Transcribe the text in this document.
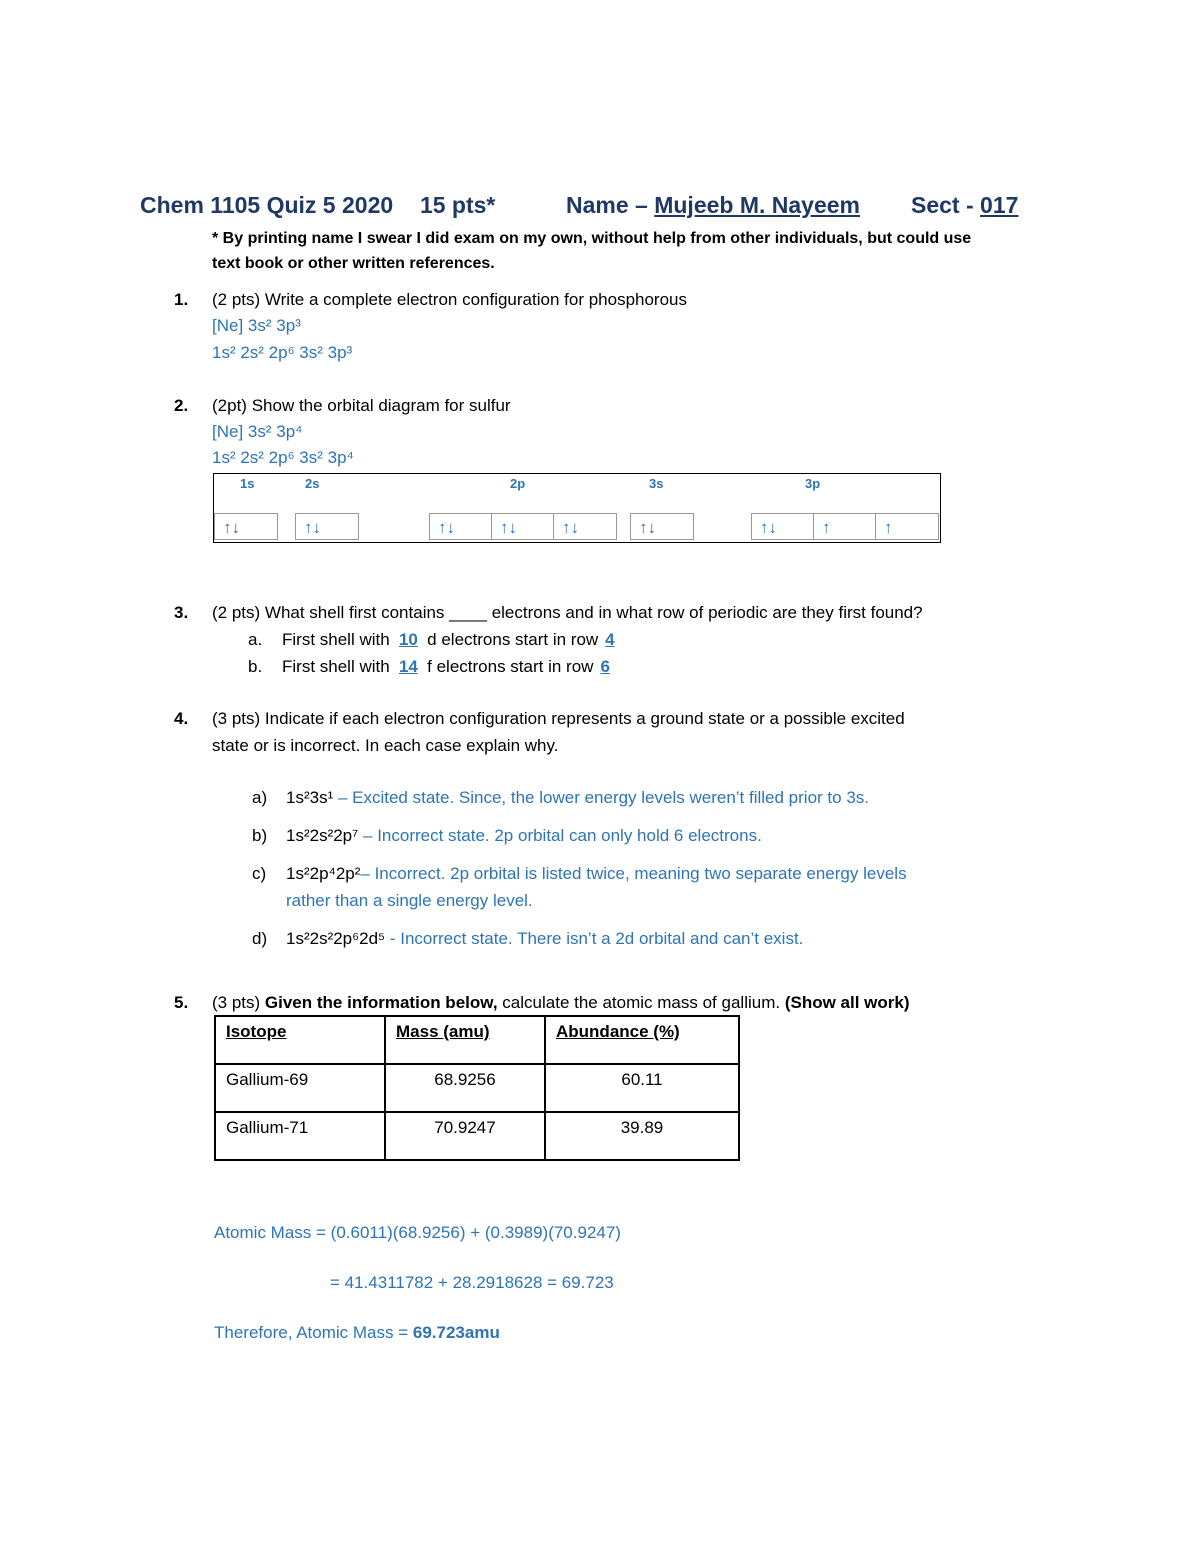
Chem 1105 Quiz 5 2020 15 pts*	Name – Mujeeb M. Nayeem Sect - 017
* By printing name I swear I did exam on my own, without help from other individuals, but could use
text book or other written references.
1. (2 pts) Write a complete electron configuration for phosphorous
[Ne] 3s² 3p³
1s² 2s² 2p⁶ 3s² 3p³
2. (2pt) Show the orbital diagram for sulfur
[Ne] 3s² 3p⁴
1s² 2s² 2p⁶ 3s² 3p⁴
1s	2s	2p	3s	3p
↑↓	↑↓	↑↓	↑↓	↑↓	↑↓	↑↓	↑	↑
3. (2 pts) What shell first contains ____ electrons and in what row of periodic are they first found?
a. First shell with 10 d electrons start in row 4
b. First shell with 14 f electrons start in row 6
4. (3 pts) Indicate if each electron configuration represents a ground state or a possible excited
state or is incorrect. In each case explain why.
a) 1s²3s¹ – Excited state. Since, the lower energy levels weren’t filled prior to 3s.
b) 1s²2s²2p⁷ – Incorrect state. 2p orbital can only hold 6 electrons.
c) 1s²2p⁴2p²– Incorrect. 2p orbital is listed twice, meaning two separate energy levels
rather than a single energy level.
d) 1s²2s²2p⁶2d⁵ - Incorrect state. There isn’t a 2d orbital and can’t exist.
5. (3 pts) Given the information below, calculate the atomic mass of gallium. (Show all work)
Isotope	Mass (amu)	Abundance (%)
Gallium-69	68.9256	60.11
Gallium-71	70.9247	39.89
Atomic Mass = (0.6011)(68.9256) + (0.3989)(70.9247)
= 41.4311782 + 28.2918628 = 69.723
Therefore, Atomic Mass = 69.723amu
